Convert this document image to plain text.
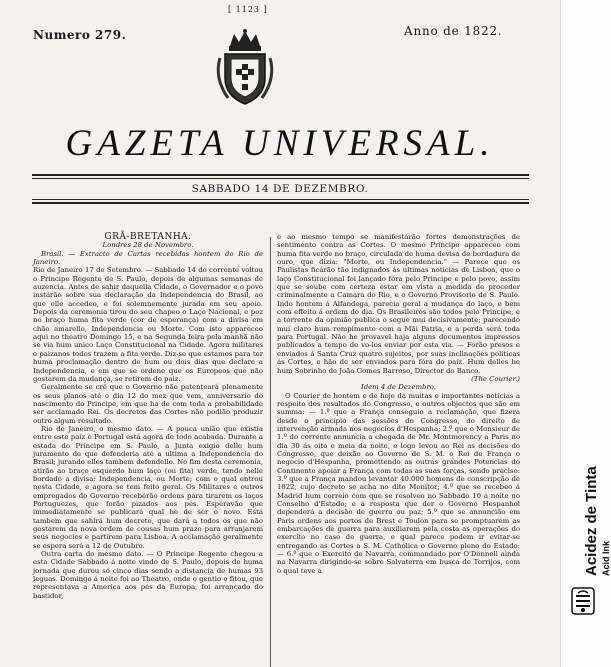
[ 1123 ]
Numero 279.	Anno de 1822.
GAZETA UNIVERSAL.
SABBADO 14 DE DEZEMBRO.

GRÃ-BRETANHA.

Londres 28 de Novembro.

Brasil. — Extracto de Cartas recebidas hontem do Rio de Janeiro.

Rio de Janeiro 17 de Setembro. — Sabbado 14 do corrente voltou o Principe Regente de S. Paulo, depois de algumas semanas de auzencia. Antes de sahir daquella Cidade, o Governador e o povo instárão sobre sua declaração da Independencia do Brasil, ao que elle accedeo, e foi solemnemente jurada em seu apoio. Depois da ceremonia tirou do seu chapeo o Laço Nacional, e poz no braço huma fita verde (cor de esperança) com a divisa em chão amarello, Independencia ou Morte. Com isto appareceo aqui no theatro Domingo 15, e na Segunda feira pela manhã não se via hum unico Laço Constitucional na Cidade. Agora militares e paizanos todos trazem a fita verde. Diz-se que estamos para ter huma proclamação dentro de hum ou dois dias que declare a Independencia, e em que se ordene que os Europeos que não gostarem da mudança, se retirem do paiz.

Geralmente se crê que o Governo não patenteará plenamente os seus planos até o dia 12 do mez que vem, anniversario do nascimento do Principe, em que ha de com toda a probabilidade ser acclamado Rei. Os decretos das Cortes não podião produzir outro algum resultado.

Rio de Janeiro, o mesmo dato. — A pouca união que existia entre este paiz e Portugal está agora de todo acabada. Durante a estada do Principe em S. Paulo, a Junta exigio delle hum juramento de que defenderia até a ultima a Independencia do Brasil; jurando elles tambem defendello. No fim desta ceremonia, atirão ao braço esquerdo hum laço (ou fita) verde, tendo nelle bordado a divisa: Independencia, ou Morte; com o qual entrou nesta Cidade, e agora se tem feito geral. Os Militares e outros empregados do Governo recebêrão ordens para tirarem os laços Portuguezes, que forão pizados aos pés. Esperavão que immediatamente se publicará qual he de ser o novo. Está tambem que sahirá hum decreto, que dará a todos os que não gostarem da nova ordem de cousas hum prazo para arranjarem seus negocios e partirem para Lisboa. A acclamação geralmente se espera será a 12 de Outubro.

Outra carta do mesmo dato. — O Principe Regente chegou a esta Cidade Sabbado á noite vindo de S. Paulo, depois de huma jornada que durou só cinco dias sendo a distancia de humas 93 leguas. Domingo á noite foi ao Theatro, onde o gentio o fitou, que representava a America aos pés da Europa, foi arrancado do bastidor,

e ao mesmo tempo se manifestárão fortes demonstrações de sentimento contra as Cortes. O mesmo Principe appareceo com huma fita verde no braço, circulada de huma devisa de bordadura de ouro, que dizia: "Morte, ou Independencia." — Parece que os Paulistas ficárão tão indignados ás ultimas noticias de Lisboa, que o laço Constitucional foi lançado fóra pelo Principe e pelo povo, assim que se soube com certeza estar em vista a medida de proceder criminalmente a Camara do Rio, e o Governo Provisorio de S. Paulo. Indo hontem á Alfandega, parecia geral a mudança do laço, e bem com effeito á ordem do dia. Os Brasileiros são todos pelo Principe, e a torrente da opinião publica o segue mui decisivamente; parecendo mui claro hum rompimento com a Mãi Patria, e a perda será toda para Portugal. Não he provavel haja alguns documentos impressos publicados a tempo de vo-los enviar por esta via. — Forão presos e enviados á Santa Cruz quatro sujeitos, por suas inclinações politicas ás Cortes, e hão de ser enviados para fóra do paiz. Hum delles he hum Sobrinho de João Gomes Barroso, Director do Banco.

(The Courier.)

Idem 4 de Dezembro.

O Courier de hontem e de hoje dá muitas e importantes noticias a respeito dos resultados do Congresso, e outros objectos que são em summa: — 1.º que a França conseguio a reclamação, que fizera desde o principio das sessões do Congresso, do direito de intervenção armada nos negocios d'Hespanha; 2.º que o Monsieur de 1.º do corrente annuncia a chegada de Mr. Montmorency a Paris no dia 30 ás oito e meia da noite, e logo levou ao Rei as decisões do Congresso, que deixão ao Governo de S. M. o Rei de França o negocio d'Hespanha, promettendo as outras grandes Potencias do Continente apoiar a França com todas as suas forças, sendo preciso: 3.º que a França mandou levantar 40.000 homens de conscripção de 1822, cujo decreto se acha no dito Monitor; 4.º que se recebeo á Madrid hum correio com que se resolveo no Sabbado 10 á noite no Conselho d'Estado; e á resposta que der o Governo Hespanhol dependerá a decisão de guerra ou paz; 5.º que se annuncião em Paris ordens aos portos de Brest e Toulon para se promptuarem as embarcações de guerra para auxiliarem pela costa as operações do exercito no caso de guerra, e qual parece podem ir evitar-se entregando as Cortes a S. M. Catholica o Governo pleno do Estado: — 6.º que o Exercito de Navarra, commandado por O'Donnell ainda na Navarra dirigindo-se sobre Salvaterra em busca de Torrijos, com o qual teve a	Acidez de Tinta Acid Ink
